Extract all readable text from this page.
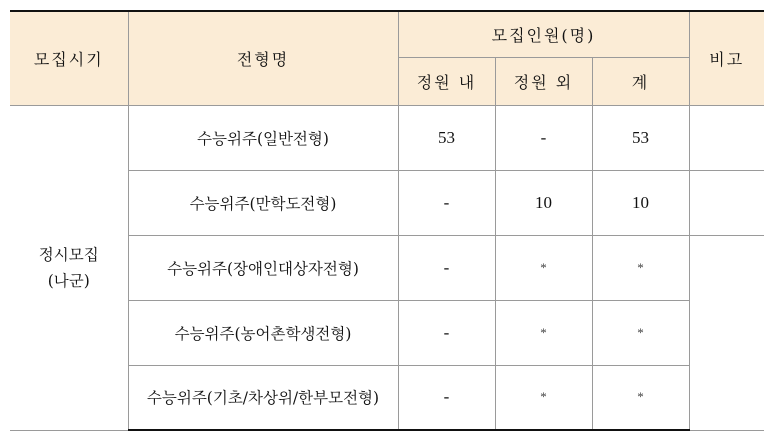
모집시기	전형명	모집인원(명)			비고
		정원 내	정원 외	계	

정시모집
(나군)	수능위주(일반전형)	53	-	53	
	수능위주(만학도전형)	-	10	10	
	수능위주(장애인대상자전형)	-	*	*	
	수능위주(농어촌학생전형)	-	*	*	
	수능위주(기초/차상위/한부모전형)	-	*	*	
